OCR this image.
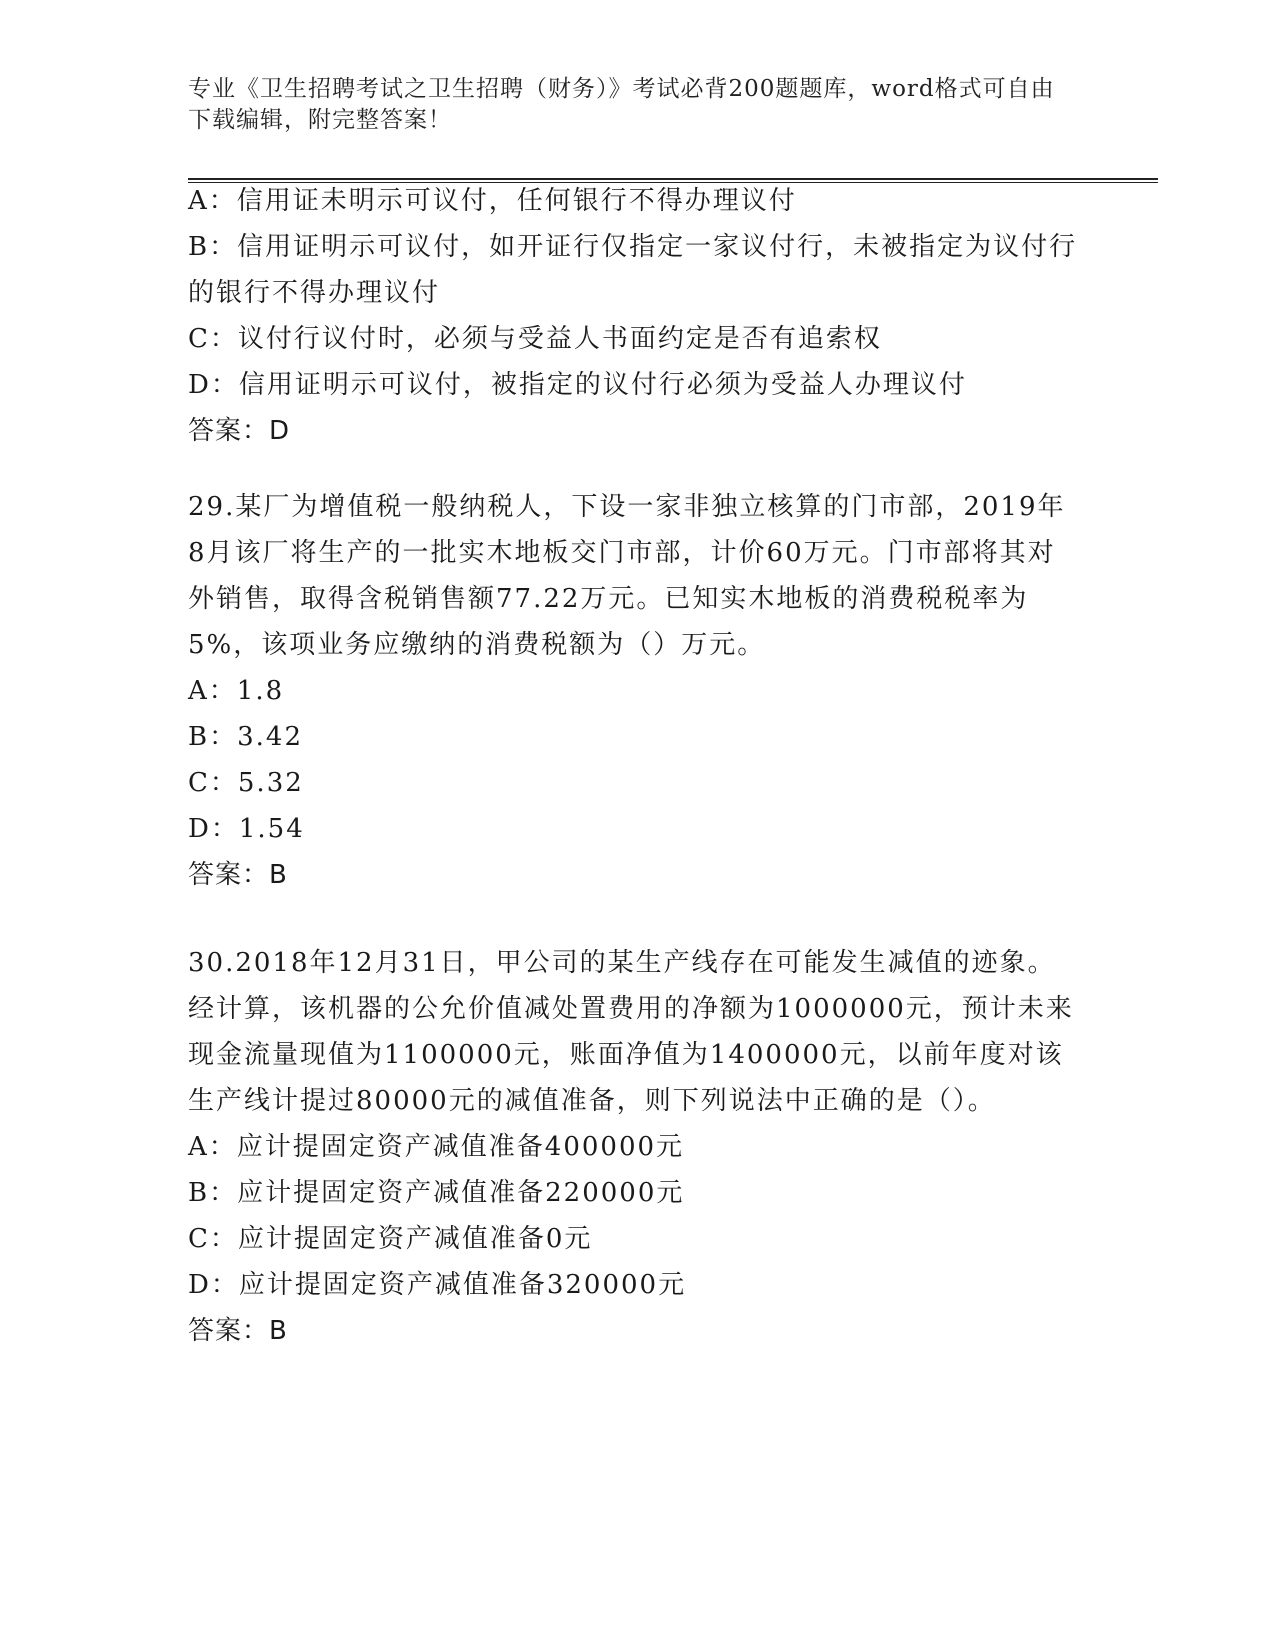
专业《卫生招聘考试之卫生招聘（财务）》考试必背200题题库，word格式可自由下载编辑，附完整答案！

A：信用证未明示可议付，任何银行不得办理议付

B：信用证明示可议付，如开证行仅指定一家议付行，未被指定为议付行的银行不得办理议付

C：议付行议付时，必须与受益人书面约定是否有追索权

D：信用证明示可议付，被指定的议付行必须为受益人办理议付

答案：D

29.某厂为增值税一般纳税人，下设一家非独立核算的门市部，2019年8月该厂将生产的一批实木地板交门市部，计价60万元。门市部将其对外销售，取得含税销售额77.22万元。已知实木地板的消费税税率为5%，该项业务应缴纳的消费税额为（）万元。

A：1.8

B：3.42

C：5.32

D：1.54

答案：B

30.2018年12月31日，甲公司的某生产线存在可能发生减值的迹象。经计算，该机器的公允价值减处置费用的净额为1000000元，预计未来现金流量现值为1100000元，账面净值为1400000元，以前年度对该生产线计提过80000元的减值准备，则下列说法中正确的是（）。

A：应计提固定资产减值准备400000元

B：应计提固定资产减值准备220000元

C：应计提固定资产减值准备0元

D：应计提固定资产减值准备320000元

答案：B
